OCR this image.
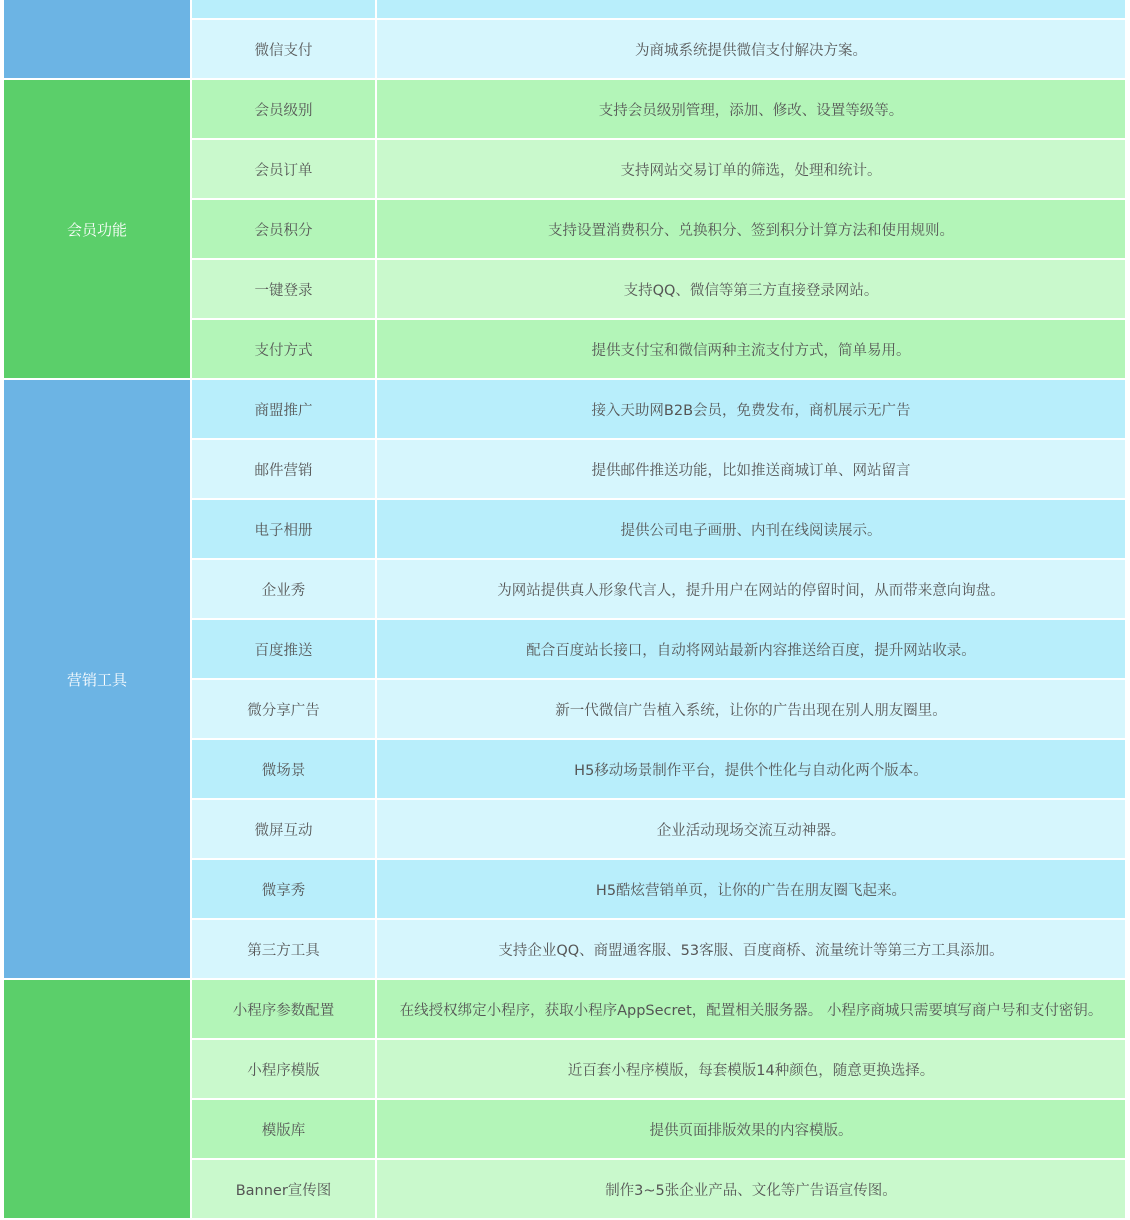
微信支付	为商城系统提供微信支付解决方案。
会员功能
会员级别	支持会员级别管理，添加、修改、设置等级等。
会员订单	支持网站交易订单的筛选，处理和统计。
会员积分	支持设置消费积分、兑换积分、签到积分计算方法和使用规则。
一键登录	支持QQ、微信等第三方直接登录网站。
支付方式	提供支付宝和微信两种主流支付方式，简单易用。
营销工具
商盟推广	接入天助网B2B会员，免费发布，商机展示无广告
邮件营销	提供邮件推送功能，比如推送商城订单、网站留言
电子相册	提供公司电子画册、内刊在线阅读展示。
企业秀	为网站提供真人形象代言人，提升用户在网站的停留时间，从而带来意向询盘。
百度推送	配合百度站长接口，自动将网站最新内容推送给百度，提升网站收录。
微分享广告	新一代微信广告植入系统，让你的广告出现在别人朋友圈里。
微场景	H5移动场景制作平台，提供个性化与自动化两个版本。
微屏互动	企业活动现场交流互动神器。
微享秀	H5酷炫营销单页，让你的广告在朋友圈飞起来。
第三方工具	支持企业QQ、商盟通客服、53客服、百度商桥、流量统计等第三方工具添加。
小程序参数配置	在线授权绑定小程序，获取小程序AppSecret，配置相关服务器。 小程序商城只需要填写商户号和支付密钥。
小程序模版	近百套小程序模版，每套模版14种颜色，随意更换选择。
模版库	提供页面排版效果的内容模版。
Banner宣传图	制作3~5张企业产品、文化等广告语宣传图。
